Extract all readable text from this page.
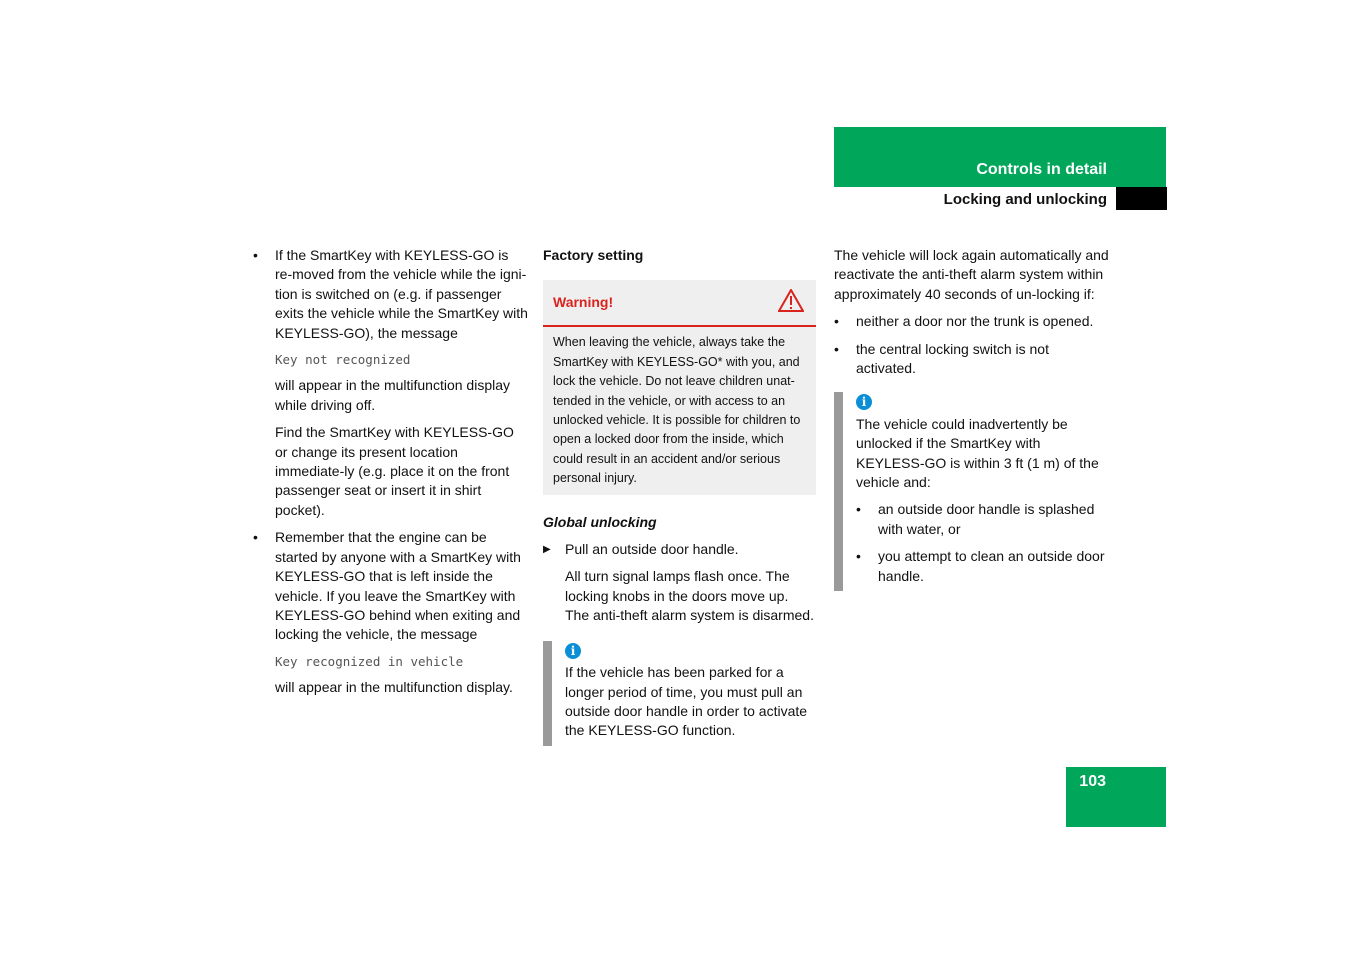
Controls in detail
Locking and unlocking

• If the SmartKey with KEYLESS-GO is re-moved from the vehicle while the igni-tion is switched on (e.g. if passenger exits the vehicle while the SmartKey with KEYLESS-GO), the message

Key not recognized

will appear in the multifunction display while driving off.

Find the SmartKey with KEYLESS-GO or change its present location immediate-ly (e.g. place it on the front passenger seat or insert it in shirt pocket).

• Remember that the engine can be started by anyone with a SmartKey with KEYLESS-GO that is left inside the vehicle. If you leave the SmartKey with KEYLESS-GO behind when exiting and locking the vehicle, the message

Key recognized in vehicle

will appear in the multifunction display.

Factory setting

Warning!

When leaving the vehicle, always take the SmartKey with KEYLESS-GO* with you, and lock the vehicle. Do not leave children unat-tended in the vehicle, or with access to an unlocked vehicle. It is possible for children to open a locked door from the inside, which could result in an accident and/or serious personal injury.

Global unlocking

▶ Pull an outside door handle.

All turn signal lamps flash once. The locking knobs in the doors move up. The anti-theft alarm system is disarmed.

i

If the vehicle has been parked for a longer period of time, you must pull an outside door handle in order to activate the KEYLESS-GO function.

The vehicle will lock again automatically and reactivate the anti-theft alarm system within approximately 40 seconds of un-locking if:

• neither a door nor the trunk is opened.

• the central locking switch is not activated.

i

The vehicle could inadvertently be unlocked if the SmartKey with KEYLESS-GO is within 3 ft (1 m) of the vehicle and:

• an outside door handle is splashed with water, or

• you attempt to clean an outside door handle.

103
